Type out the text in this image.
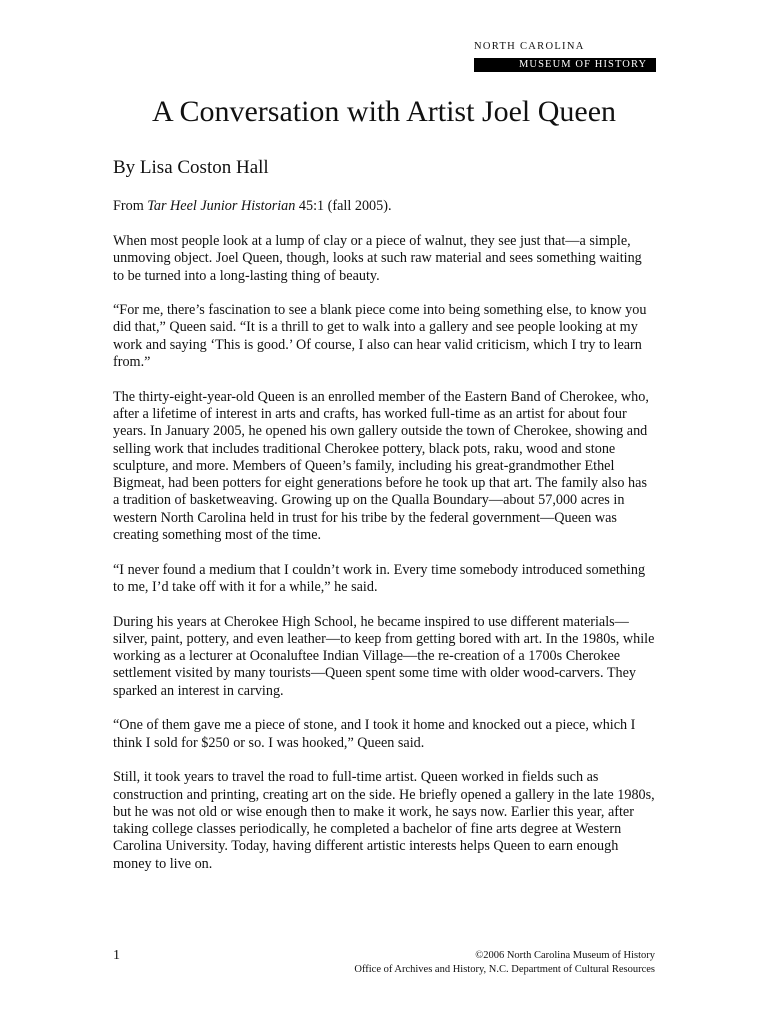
NORTH CAROLINA
MUSEUM OF HISTORY
A Conversation with Artist Joel Queen
By Lisa Coston Hall
From Tar Heel Junior Historian 45:1 (fall 2005).

When most people look at a lump of clay or a piece of walnut, they see just that—a simple, unmoving object. Joel Queen, though, looks at such raw material and sees something waiting to be turned into a long-lasting thing of beauty.

“For me, there’s fascination to see a blank piece come into being something else, to know you did that,” Queen said. “It is a thrill to get to walk into a gallery and see people looking at my work and saying ‘This is good.’ Of course, I also can hear valid criticism, which I try to learn from.”

The thirty-eight-year-old Queen is an enrolled member of the Eastern Band of Cherokee, who, after a lifetime of interest in arts and crafts, has worked full-time as an artist for about four years. In January 2005, he opened his own gallery outside the town of Cherokee, showing and selling work that includes traditional Cherokee pottery, black pots, raku, wood and stone sculpture, and more. Members of Queen’s family, including his great-grandmother Ethel Bigmeat, had been potters for eight generations before he took up that art. The family also has a tradition of basketweaving. Growing up on the Qualla Boundary—about 57,000 acres in western North Carolina held in trust for his tribe by the federal government—Queen was creating something most of the time.

“I never found a medium that I couldn’t work in. Every time somebody introduced something to me, I’d take off with it for a while,” he said.

During his years at Cherokee High School, he became inspired to use different materials—silver, paint, pottery, and even leather—to keep from getting bored with art. In the 1980s, while working as a lecturer at Oconaluftee Indian Village—the re-creation of a 1700s Cherokee settlement visited by many tourists—Queen spent some time with older wood-carvers. They sparked an interest in carving.

“One of them gave me a piece of stone, and I took it home and knocked out a piece, which I think I sold for $250 or so. I was hooked,” Queen said.

Still, it took years to travel the road to full-time artist. Queen worked in fields such as construction and printing, creating art on the side. He briefly opened a gallery in the late 1980s, but he was not old or wise enough then to make it work, he says now. Earlier this year, after taking college classes periodically, he completed a bachelor of fine arts degree at Western Carolina University. Today, having different artistic interests helps Queen to earn enough money to live on.

1	©2006 North Carolina Museum of History
Office of Archives and History, N.C. Department of Cultural Resources
